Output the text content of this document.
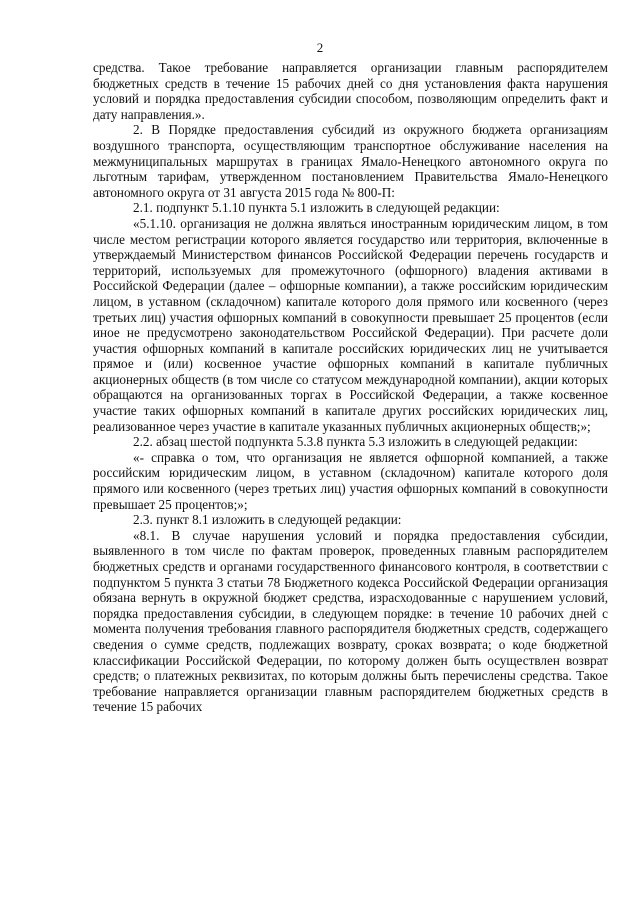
2

средства. Такое требование направляется организации главным распорядителем бюджетных средств в течение 15 рабочих дней со дня установления факта нарушения условий и порядка предоставления субсидии способом, позволяющим определить факт и дату направления.».

2. В Порядке предоставления субсидий из окружного бюджета организациям воздушного транспорта, осуществляющим транспортное обслуживание населения на межмуниципальных маршрутах в границах Ямало-Ненецкого автономного округа по льготным тарифам, утвержденном постановлением Правительства Ямало-Ненецкого автономного округа от 31 августа 2015 года № 800-П:

2.1. подпункт 5.1.10 пункта 5.1 изложить в следующей редакции:

«5.1.10. организация не должна являться иностранным юридическим лицом, в том числе местом регистрации которого является государство или территория, включенные в утверждаемый Министерством финансов Российской Федерации перечень государств и территорий, используемых для промежуточного (офшорного) владения активами в Российской Федерации (далее – офшорные компании), а также российским юридическим лицом, в уставном (складочном) капитале которого доля прямого или косвенного (через третьих лиц) участия офшорных компаний в совокупности превышает 25 процентов (если иное не предусмотрено законодательством Российской Федерации). При расчете доли участия офшорных компаний в капитале российских юридических лиц не учитывается прямое и (или) косвенное участие офшорных компаний в капитале публичных акционерных обществ (в том числе со статусом международной компании), акции которых обращаются на организованных торгах в Российской Федерации, а также косвенное участие таких офшорных компаний в капитале других российских юридических лиц, реализованное через участие в капитале указанных публичных акционерных обществ;»;

2.2. абзац шестой подпункта 5.3.8 пункта 5.3 изложить в следующей редакции:

«- справка о том, что организация не является офшорной компанией, а также российским юридическим лицом, в уставном (складочном) капитале которого доля прямого или косвенного (через третьих лиц) участия офшорных компаний в совокупности превышает 25 процентов;»;

2.3. пункт 8.1 изложить в следующей редакции:

«8.1. В случае нарушения условий и порядка предоставления субсидии, выявленного в том числе по фактам проверок, проведенных главным распорядителем бюджетных средств и органами государственного финансового контроля, в соответствии с подпунктом 5 пункта 3 статьи 78 Бюджетного кодекса Российской Федерации организация обязана вернуть в окружной бюджет средства, израсходованные с нарушением условий, порядка предоставления субсидии, в следующем порядке: в течение 10 рабочих дней с момента получения требования главного распорядителя бюджетных средств, содержащего сведения о сумме средств, подлежащих возврату, сроках возврата; о коде бюджетной классификации Российской Федерации, по которому должен быть осуществлен возврат средств; о платежных реквизитах, по которым должны быть перечислены средства. Такое требование направляется организации главным распорядителем бюджетных средств в течение 15 рабочих
